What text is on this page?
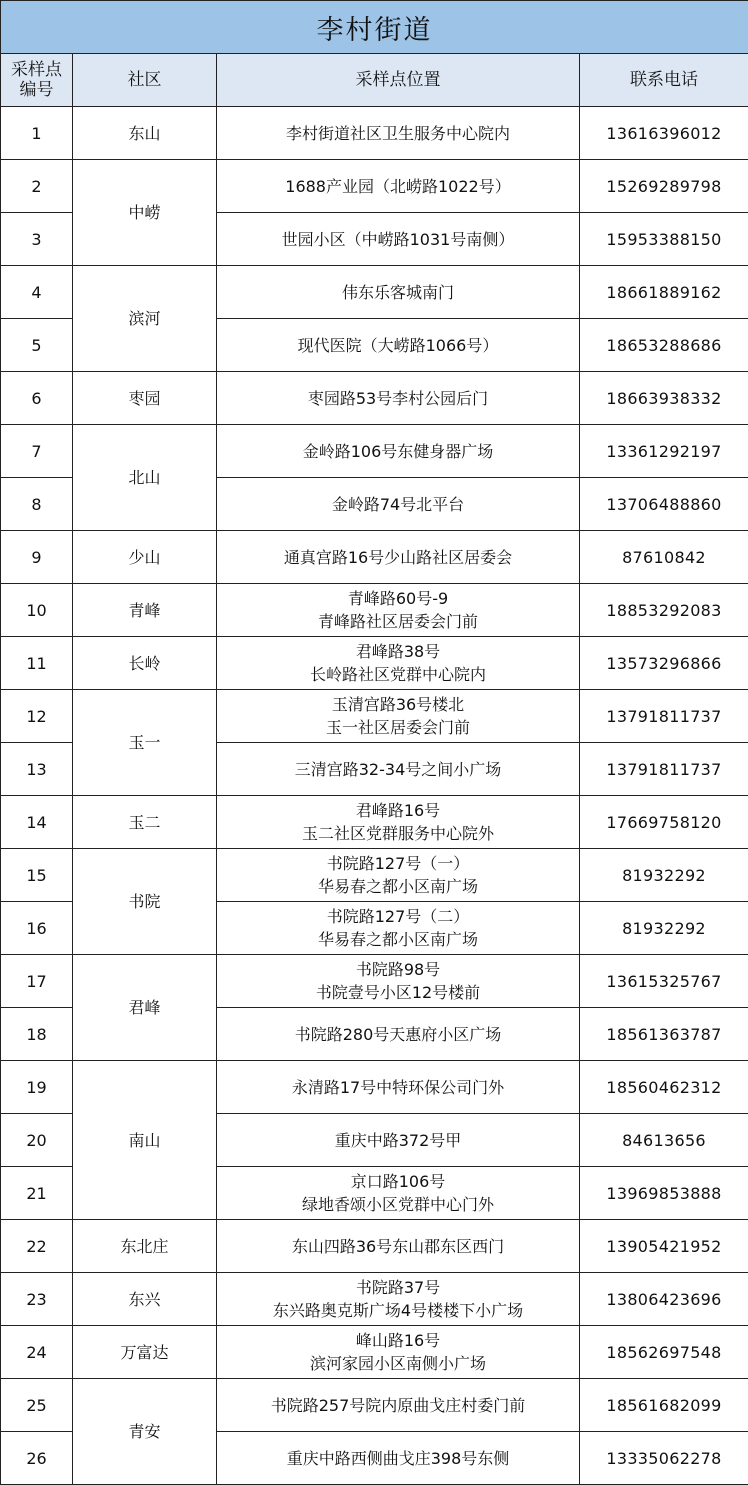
李村街道			

采样点
编号	社区	采样点位置	联系电话
1	东山	李村街道社区卫生服务中心院内	13616396012
2	中崂	1688产业园（北崂路1022号）	15269289798
3		世园小区（中崂路1031号南侧）	15953388150
4	滨河	伟东乐客城南门	18661889162
5		现代医院（大崂路1066号）	18653288686
6	枣园	枣园路53号李村公园后门	18663938332
7	北山	金岭路106号东健身器广场	13361292197
8		金岭路74号北平台	13706488860
9	少山	通真宫路16号少山路社区居委会	87610842
10	青峰	青峰路60号-9
青峰路社区居委会门前	18853292083
11	长岭	君峰路38号
长岭路社区党群中心院内	13573296866
12	玉一	玉清宫路36号楼北
玉一社区居委会门前	13791811737
13		三清宫路32-34号之间小广场	13791811737
14	玉二	君峰路16号
玉二社区党群服务中心院外	17669758120
15	书院	书院路127号（一）
华易春之都小区南广场	81932292
16		书院路127号（二）
华易春之都小区南广场	81932292
17	君峰	书院路98号
书院壹号小区12号楼前	13615325767
18		书院路280号天惠府小区广场	18561363787
19	南山	永清路17号中特环保公司门外	18560462312
20		重庆中路372号甲	84613656
21		京口路106号
绿地香颂小区党群中心门外	13969853888
22	东北庄	东山四路36号东山郡东区西门	13905421952
23	东兴	书院路37号
东兴路奥克斯广场4号楼楼下小广场	13806423696
24	万富达	峰山路16号
滨河家园小区南侧小广场	18562697548
25	青安	书院路257号院内原曲戈庄村委门前	18561682099
26		重庆中路西侧曲戈庄398号东侧	13335062278
